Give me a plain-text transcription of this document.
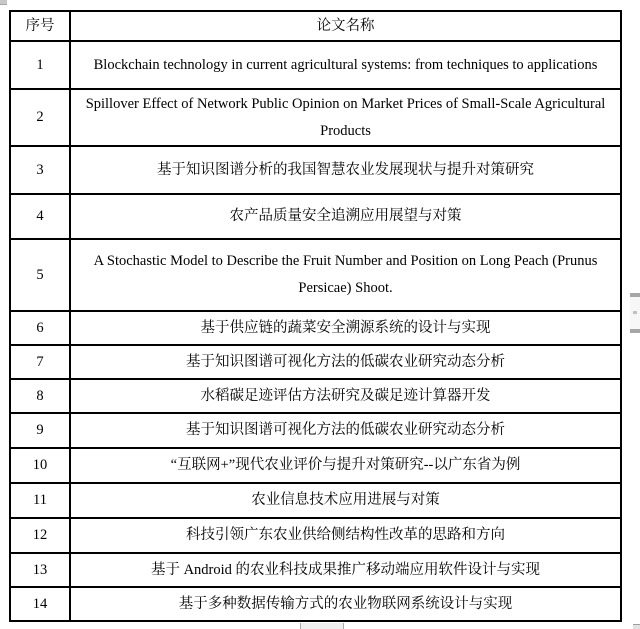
序号	论文名称
1	Blockchain technology in current agricultural systems: from techniques to applications
2	Spillover Effect of Network Public Opinion on Market Prices of Small-Scale Agricultural Products
3	基于知识图谱分析的我国智慧农业发展现状与提升对策研究
4	农产品质量安全追溯应用展望与对策
5	A Stochastic Model to Describe the Fruit Number and Position on Long Peach (Prunus Persicae) Shoot.
6	基于供应链的蔬菜安全溯源系统的设计与实现
7	基于知识图谱可视化方法的低碳农业研究动态分析
8	水稻碳足迹评估方法研究及碳足迹计算器开发
9	基于知识图谱可视化方法的低碳农业研究动态分析
10	“互联网+”现代农业评价与提升对策研究--以广东省为例
11	农业信息技术应用进展与对策
12	科技引领广东农业供给侧结构性改革的思路和方向
13	基于 Android 的农业科技成果推广移动端应用软件设计与实现
14	基于多种数据传输方式的农业物联网系统设计与实现
